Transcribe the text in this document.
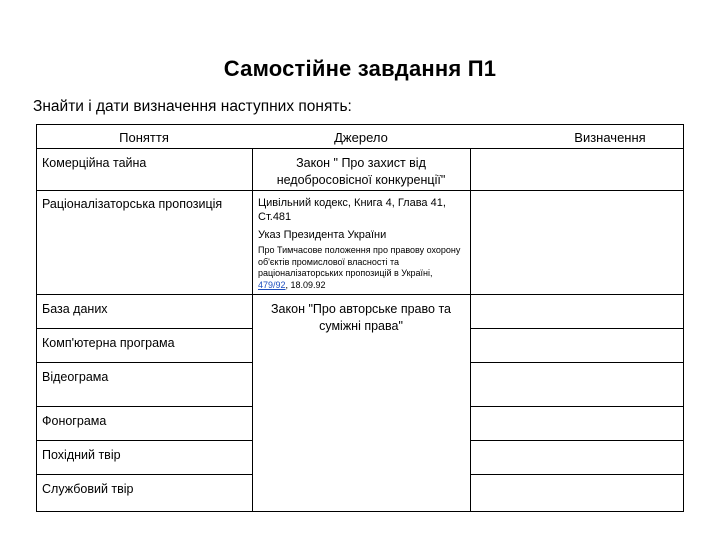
Самостійне завдання П1
Знайти і дати визначення наступних понять:
Поняття	Джерело	Визначення
Комерційна тайна
Раціоналізаторська пропозиція
База даних
Комп'ютерна програма
Відеограма
Фонограма
Похідний твір
Службовий твір
Закон " Про захист від недобросовісної конкуренції"
Цивільний кодекс, Книга 4, Глава 41, Ст.481
Указ Президента України
Про Тимчасове положення про правову охорону об'єктів промислової власності та раціоналізаторських пропозицій в Україні, 479/92, 18.09.92
Закон "Про авторське право та суміжні права"
